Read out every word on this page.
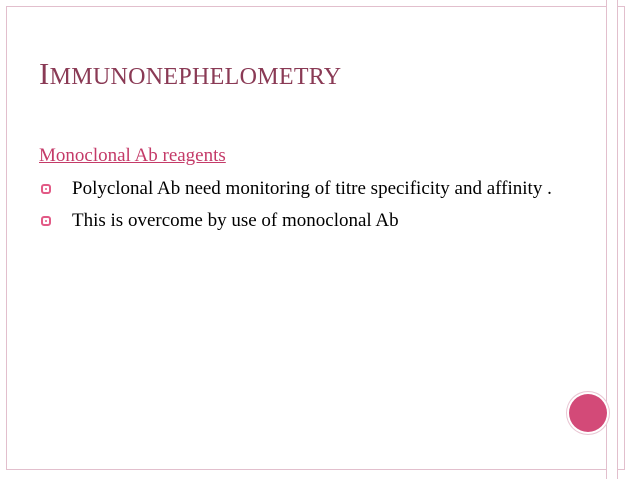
IMMUNONEPHELOMETRY
Monoclonal Ab reagents
Polyclonal Ab need monitoring of titre specificity and affinity .
This is overcome by use of monoclonal Ab
